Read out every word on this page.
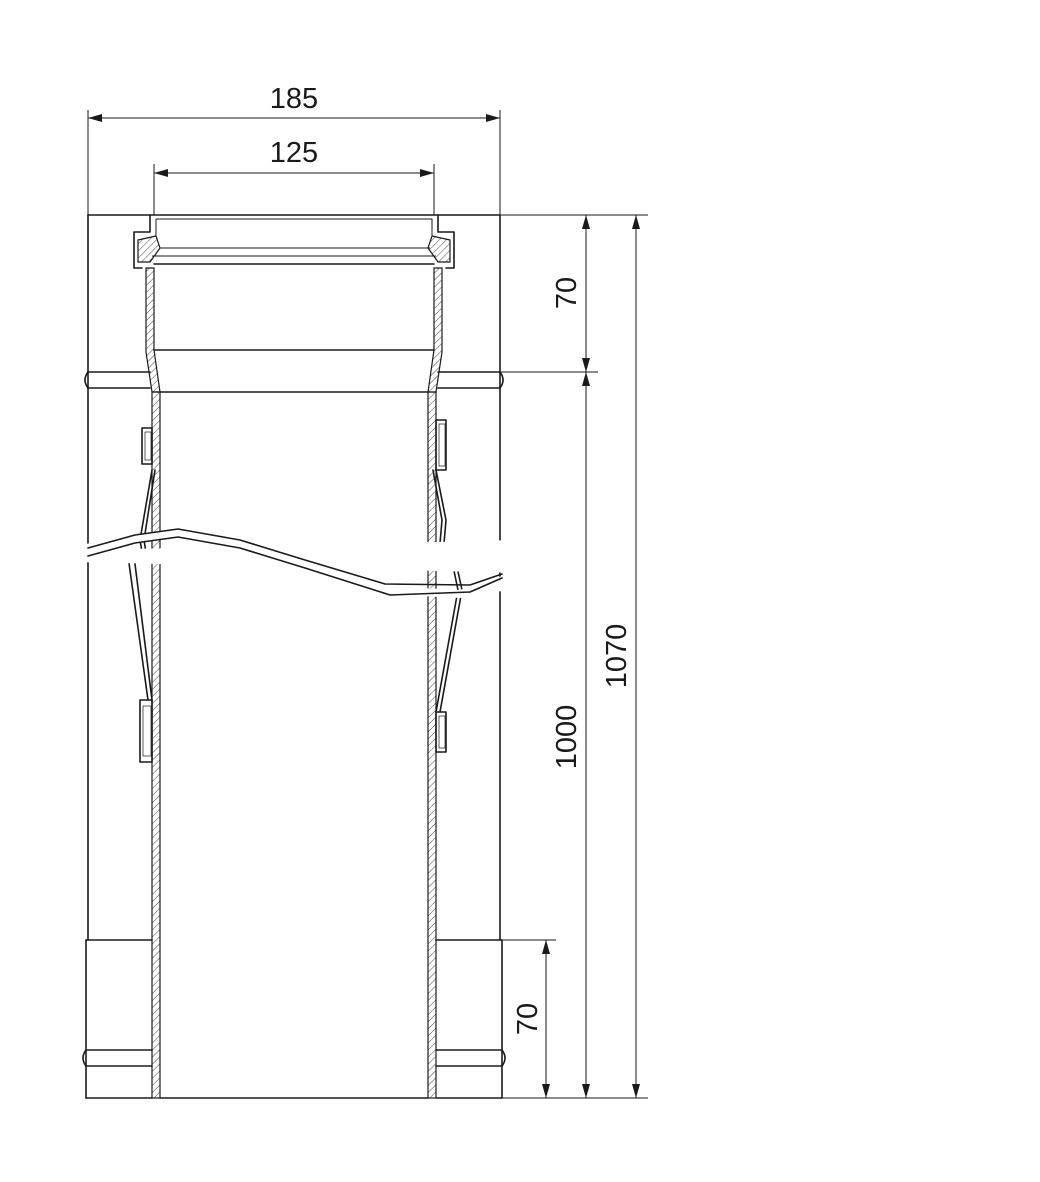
185
125
70
1000
1070
70
